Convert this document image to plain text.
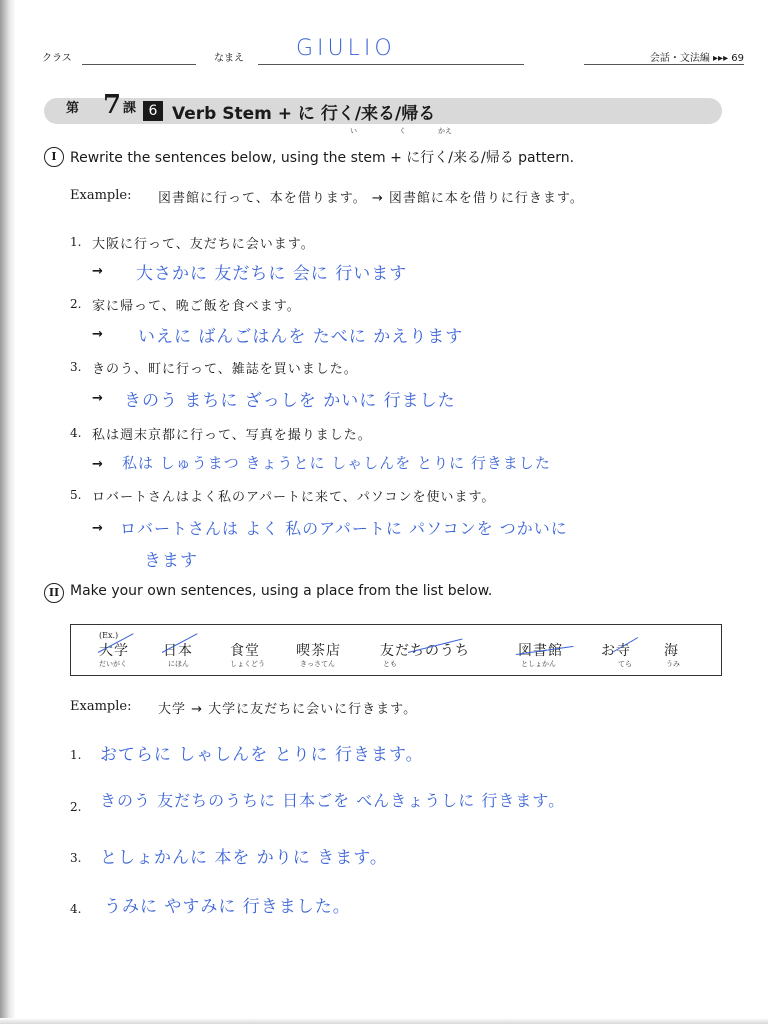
クラス	なまえ GIULIO	会話・文法編 ▸▸▸ 69
第 7 課 6 Verb Stem + に 行く/来る/帰る
い	く	かえ
I Rewrite the sentences below, using the stem + に行く/来る/帰る pattern.
Example: 図書館に行って、本を借ります。 → 図書館に本を借りに行きます。
1. 大阪に行って、友だちに会います。
→ 大さかに 友だちに 会に 行います
2. 家に帰って、晩ご飯を食べます。
→ いえに ばんごはんを たべに かえります
3. きのう、町に行って、雑誌を買いました。
→ きのう まちに ざっしを かいに 行ました
4. 私は週末京都に行って、写真を撮りました。
→ 私は しゅうまつ きょうとに しゃしんを とりに 行きました
5. ロバートさんはよく私のアパートに来て、パソコンを使います。
→ ロバートさんは よく 私のアパートに パソコンを つかいに
きます
II Make your own sentences, using a place from the list below.
(Ex.)
大学
だいがく
日本
にほん
食堂
しょくどう
喫茶店
きっさてん
友だちのうち
とも
図書館
としょかん
お寺
てら
海
うみ
Example: 大学 → 大学に友だちに会いに行きます。
1. おてらに しゃしんを とりに 行きます。
2. きのう 友だちのうちに 日本ごを べんきょうしに 行きます。
3. としょかんに 本を かりに きます。
4. うみに やすみに 行きました。
